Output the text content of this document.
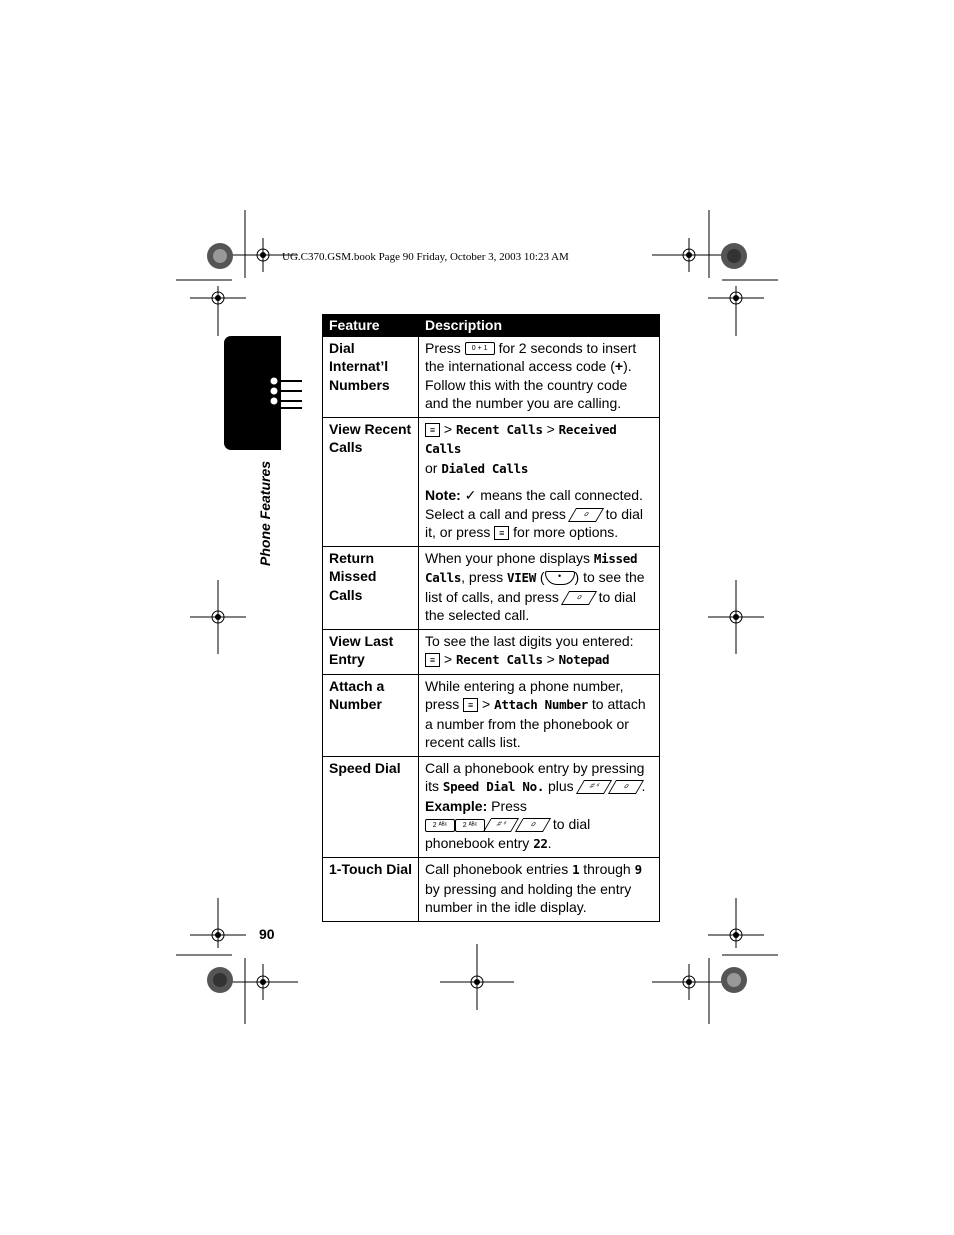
UG.C370.GSM.book Page 90 Friday, October 3, 2003 10:23 AM
Phone Features
Feature	Description
Dial Internat’l Numbers	Press 0 + 1 for 2 seconds to insert the international access code (+). Follow this with the country code and the number you are calling.
View Recent Calls	≡ > Recent Calls > Received Calls
or Dialed Calls
Note: ✓ means the call connected. Select a call and press o to dial it, or press ≡ for more options.
Return Missed Calls	When your phone displays Missed Calls, press VIEW ( • ) to see the list of calls, and press o to dial the selected call.
View Last Entry	To see the last digits you entered:
≡ > Recent Calls > Notepad
Attach a Number	While entering a phone number, press ≡ > Attach Number to attach a number from the phonebook or recent calls list.
Speed Dial	Call a phonebook entry by pressing its Speed Dial No. plus # ⁶ o .
Example: Press
2 ᴬᴮᶜ 2 ᴬᴮᶜ # ⁶ o to dial phonebook entry 22.
1-Touch Dial	Call phonebook entries 1 through 9 by pressing and holding the entry number in the idle display.
90
